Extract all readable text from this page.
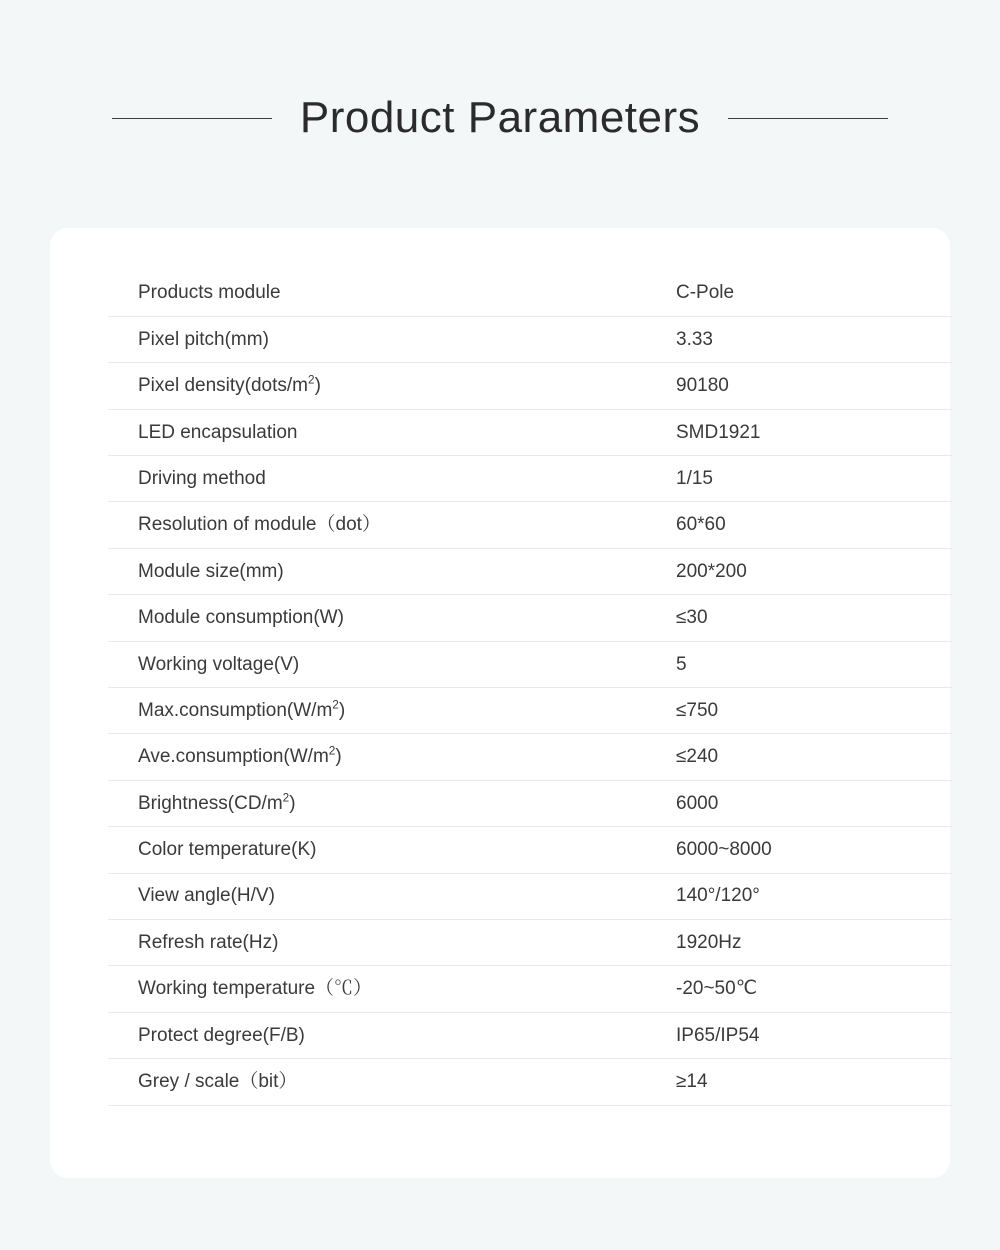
Product Parameters
Products module	C-Pole
Pixel pitch(mm)	3.33
Pixel $density(dots/m^2)$	90180
LED encapsulation	SMD1921
Driving method	1/15
Resolution of module（dot）	60*60
Module size(mm)	200*200
Module consumption(W)	≤30
Working voltage(V)	5
$Max.consumption(W/m^2)$	≤750
$Ave.consumption(W/m^2)$	≤240
$Brightness(CD/m^2)$	6000
Color temperature(K)	6000~8000
View angle(H/V)	140°/120°
Refresh rate(Hz)	1920Hz
Working temperature（℃）	-20~50℃
Protect degree(F/B)	IP65/IP54
Grey / scale（bit）	≥14
